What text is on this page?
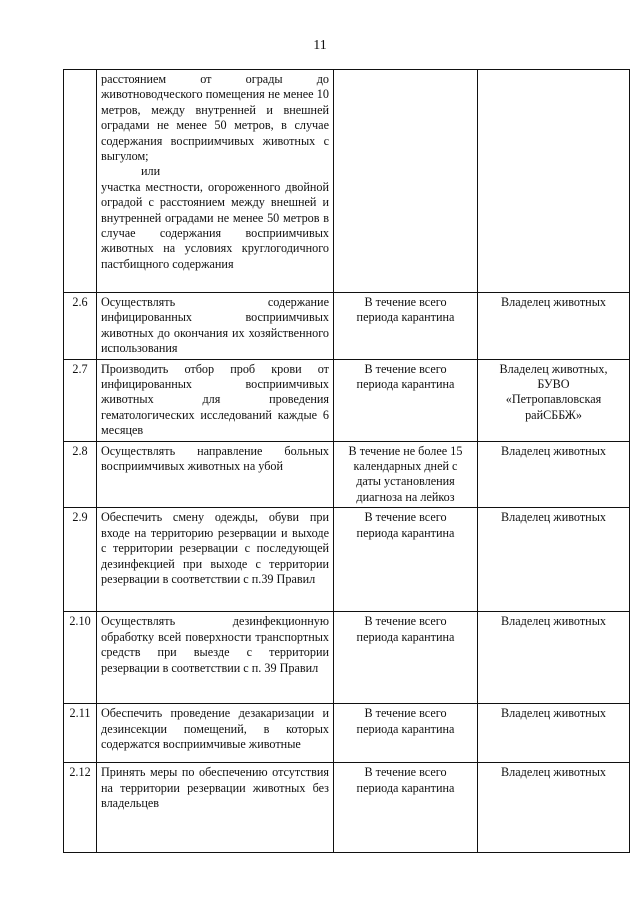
11

	расстоянием от ограды до животноводческого помещения не менее 10 метров, между внутренней и внешней оградами не менее 50 метров, в случае содержания восприимчивых животных с выгулом;
или
участка местности, огороженного двойной оградой с расстоянием между внешней и внутренней оградами не менее 50 метров в случае содержания восприимчивых животных на условиях круглогодичного пастбищного содержания		

2.6	Осуществлять содержание инфицированных восприимчивых животных до окончания их хозяйственного использования	В течение всего
периода карантина	Владелец животных

2.7	Производить отбор проб крови от инфицированных восприимчивых животных для проведения гематологических исследований каждые 6 месяцев	В течение всего
периода карантина	Владелец животных,
БУВО
«Петропавловская
райСББЖ»

2.8	Осуществлять направление больных восприимчивых животных на убой	В течение не более 15
календарных дней с
даты установления
диагноза на лейкоз	Владелец животных

2.9	Обеспечить смену одежды, обуви при входе на территорию резервации и выходе с территории резервации с последующей дезинфекцией при выходе с территории резервации в соответствии с п.39 Правил	В течение всего
периода карантина	Владелец животных

2.10	Осуществлять дезинфекционную обработку всей поверхности транспортных средств при выезде с территории резервации в соответствии с п. 39 Правил	В течение всего
периода карантина	Владелец животных

2.11	Обеспечить проведение дезакаризации и дезинсекции помещений, в которых содержатся восприимчивые животные	В течение всего
периода карантина	Владелец животных

2.12	Принять меры по обеспечению отсутствия на территории резервации животных без владельцев	В течение всего
периода карантина	Владелец животных
